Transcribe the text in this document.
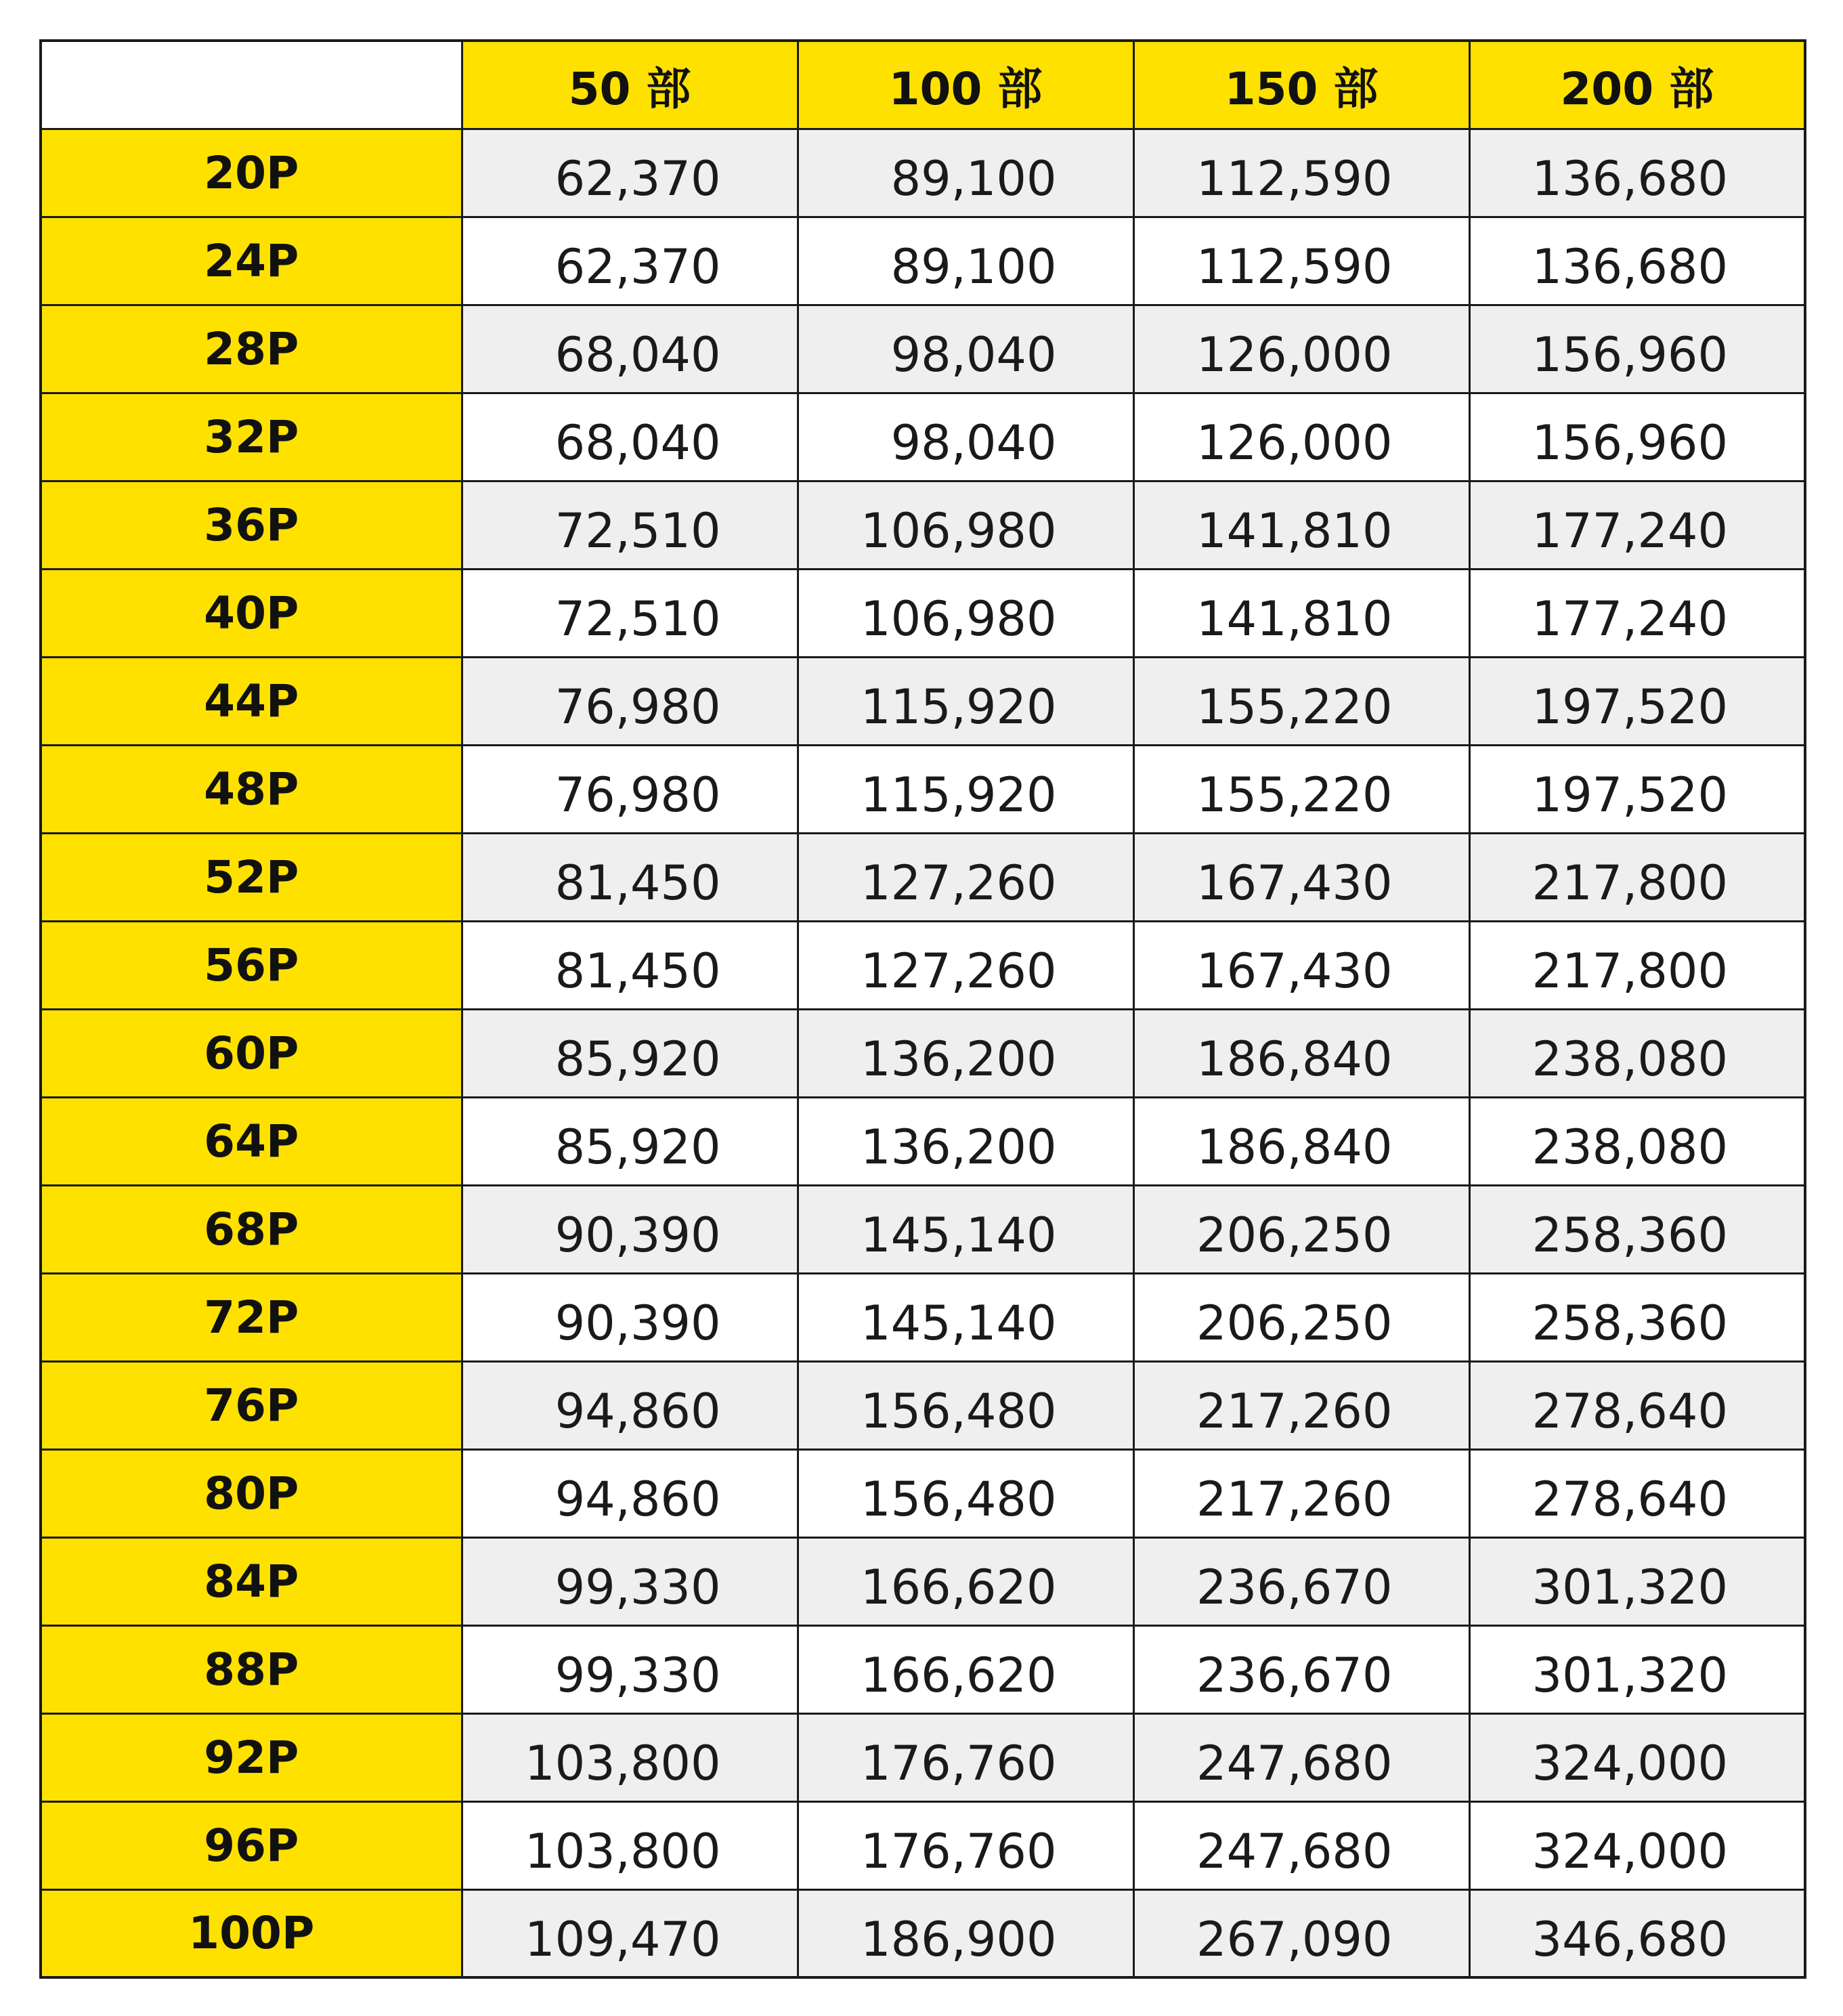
	50 部	100 部	150 部	200 部
20P	62,370	89,100	112,590	136,680
24P	62,370	89,100	112,590	136,680
28P	68,040	98,040	126,000	156,960
32P	68,040	98,040	126,000	156,960
36P	72,510	106,980	141,810	177,240
40P	72,510	106,980	141,810	177,240
44P	76,980	115,920	155,220	197,520
48P	76,980	115,920	155,220	197,520
52P	81,450	127,260	167,430	217,800
56P	81,450	127,260	167,430	217,800
60P	85,920	136,200	186,840	238,080
64P	85,920	136,200	186,840	238,080
68P	90,390	145,140	206,250	258,360
72P	90,390	145,140	206,250	258,360
76P	94,860	156,480	217,260	278,640
80P	94,860	156,480	217,260	278,640
84P	99,330	166,620	236,670	301,320
88P	99,330	166,620	236,670	301,320
92P	103,800	176,760	247,680	324,000
96P	103,800	176,760	247,680	324,000
100P	109,470	186,900	267,090	346,680
